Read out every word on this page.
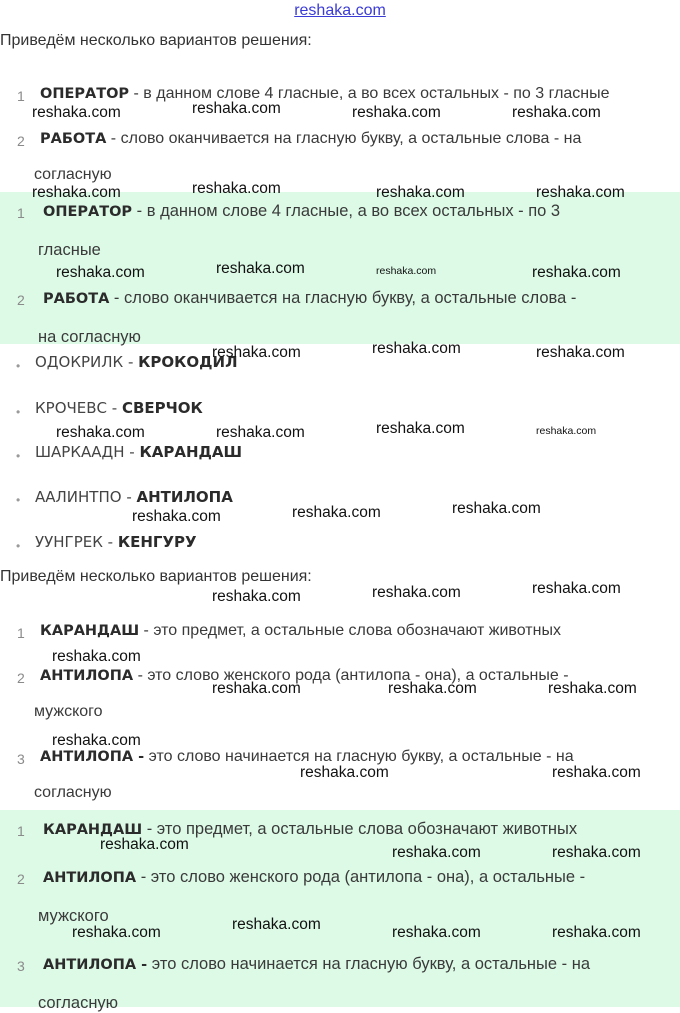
reshaka.com
Приведём несколько вариантов решения:
1 ОПЕРАТОР - в данном слове 4 гласные, а во всех остальных - по 3 гласные
2 РАБОТА - слово оканчивается на гласную букву, а остальные слова - на
согласную
1 ОПЕРАТОР - в данном слове 4 гласные, а во всех остальных - по 3
гласные
2 РАБОТА - слово оканчивается на гласную букву, а остальные слова -
на согласную
• ОДОКРИЛК - КРОКОДИЛ
• КРОЧЕВС - СВЕРЧОК
• ШАРКААДН - КАРАНДАШ
• ААЛИНТПО - АНТИЛОПА
• УУНГРЕК - КЕНГУРУ
Приведём несколько вариантов решения:
1 КАРАНДАШ - это предмет, а остальные слова обозначают животных
2 АНТИЛОПА - это слово женского рода (антилопа - она), а остальные -
мужского
3 АНТИЛОПА - это слово начинается на гласную букву, а остальные - на
согласную
1 КАРАНДАШ - это предмет, а остальные слова обозначают животных
2 АНТИЛОПА - это слово женского рода (антилопа - она), а остальные -
мужского
3 АНТИЛОПА - это слово начинается на гласную букву, а остальные - на
согласную
reshaka.com	reshaka.com	reshaka.com	reshaka.com
reshaka.com	reshaka.com	reshaka.com	reshaka.com
reshaka.com	reshaka.com	reshaka.com	reshaka.com
reshaka.com	reshaka.com	reshaka.com
reshaka.com	reshaka.com	reshaka.com	reshaka.com
reshaka.com	reshaka.com	reshaka.com
reshaka.com	reshaka.com	reshaka.com
reshaka.com
reshaka.com	reshaka.com	reshaka.com
reshaka.com
reshaka.com	reshaka.com
reshaka.com	reshaka.com	reshaka.com
reshaka.com	reshaka.com	reshaka.com	reshaka.com
